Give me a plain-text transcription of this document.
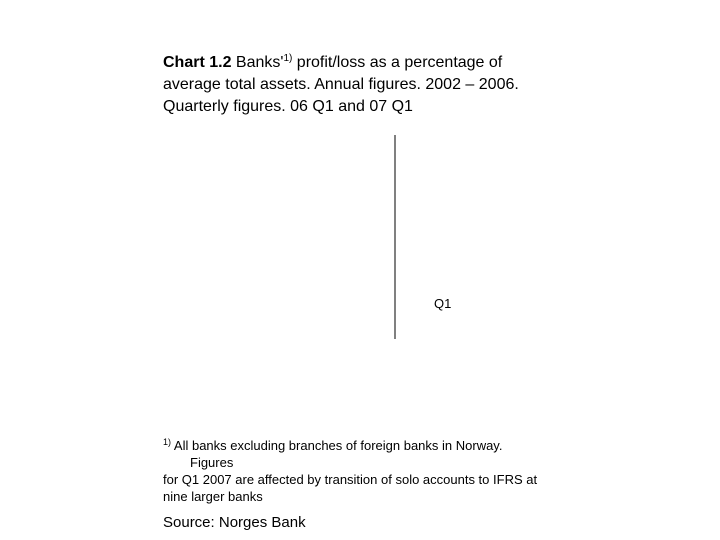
Chart 1.2 $Banks'^{1)}$ profit/loss as a percentage of average total assets. Annual figures. 2002 – 2006. Quarterly figures. 06 Q1 and 07 Q1
Q1
$^{1)}$ All banks excluding branches of foreign banks in Norway.
Figures
for Q1 2007 are affected by transition of solo accounts to IFRS at nine larger banks
Source: Norges Bank
